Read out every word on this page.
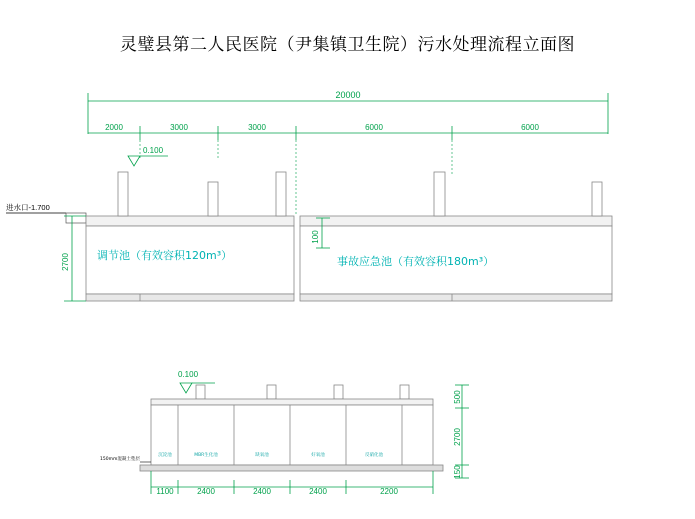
灵璧县第二人民医院（尹集镇卫生院）污水处理流程立面图
20000
2000	3000	3000	6000	6000
0.100
进水口-1.700
2700
100
调节池（有效容积120m³）	事故应急池（有效容积180m³）
0.100
沉淀池	MBR生化池	缺氧池	好氧池	反硝化池
150mm混凝土垫层
1100	2400	2400	2400	2200
500
2700
150
